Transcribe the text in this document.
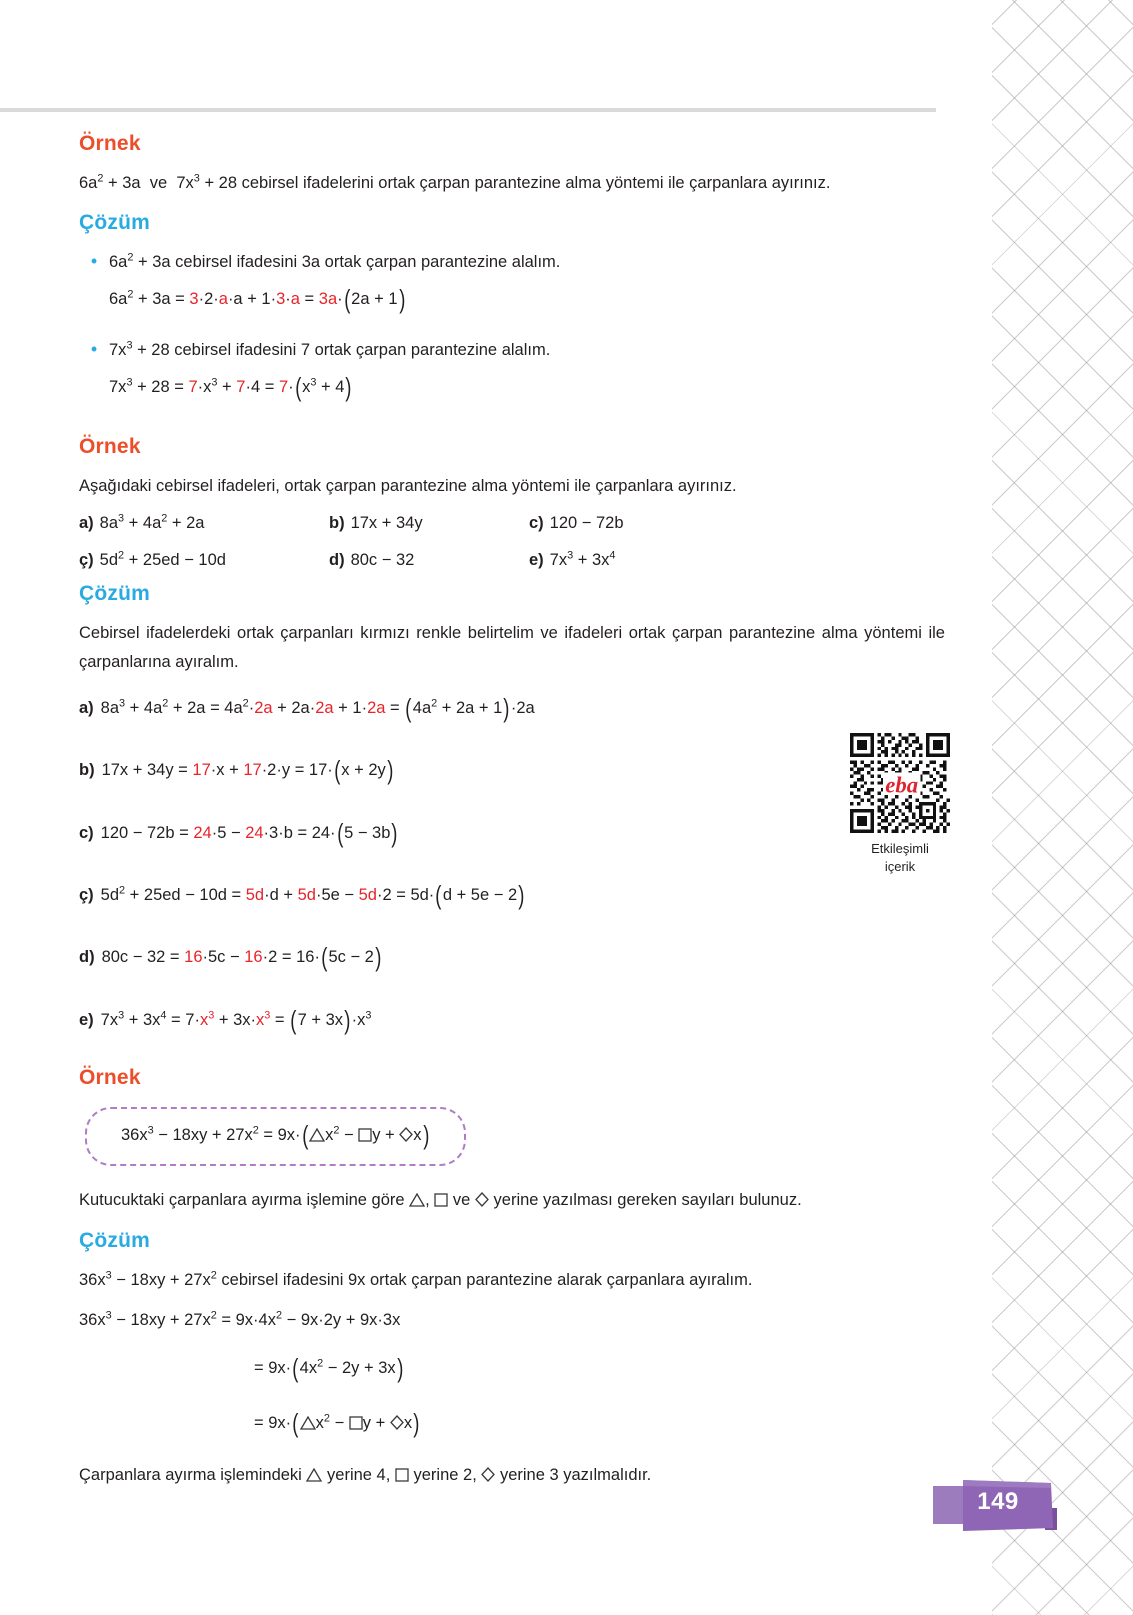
Örnek

$6a^2 + 3a$  ve  $7x^3 + 28$ cebirsel ifadelerini ortak çarpan parantezine alma yöntemi ile çarpanlara ayırınız.

Çözüm
• $6a^2 + 3a$ cebirsel ifadesini 3a ortak çarpan parantezine alalım.
$6a^2 + 3a = 3\cdot 2\cdot a\cdot a + 1\cdot 3\cdot a = 3a\cdot(2a + 1)$
• $7x^3 + 28$ cebirsel ifadesini 7 ortak çarpan parantezine alalım.
$7x^3 + 28 = 7\cdot x^3 + 7\cdot 4 = 7\cdot(x^3 + 4)$
Örnek

Aşağıdaki cebirsel ifadeleri, ortak çarpan parantezine alma yöntemi ile çarpanlara ayırınız.

a) $8a^3 + 4a^2 + 2a$	b) 17x + 34y	c) 120 − 72b
ç) $5d^2 + 25ed - 10d$	d) 80c − 32	e) $7x^3 + 3x^4$
Çözüm

Cebirsel ifadelerdeki ortak çarpanları kırmızı renkle belirtelim ve ifadeleri ortak çarpan parantezine alma yöntemi ile çarpanlarına ayıralım.

a) $8a^3 + 4a^2 + 2a = 4a^2\cdot 2a + 2a\cdot 2a + 1\cdot 2a = (4a^2 + 2a + 1)\cdot 2a$
b) 17x + 34y = 17·x + 17·2·y = 17·(x + 2y)
c) 120 − 72b = 24·5 − 24·3·b = 24·(5 − 3b)
ç) $5d^2 + 25ed - 10d = 5d\cdot d + 5d\cdot 5e - 5d\cdot 2 = 5d\cdot(d + 5e - 2)$
d) 80c − 32 = 16·5c − 16·2 = 16·(5c − 2)
e) $7x^3 + 3x^4 = 7\cdot x^3 + 3x\cdot x^3 = (7 + 3x)\cdot x^3$
Örnek
$36x^3 - 18xy + 27x^2 = 9x\cdot$( $x^2 - y + x$)

Kutucuktaki çarpanlara ayırma işlemine göre ,  ve  yerine yazılması gereken sayıları bulunuz.

Çözüm

$36x^3 - 18xy + 27x^2$ cebirsel ifadesini 9x ortak çarpan parantezine alarak çarpanlara ayıralım.

$36x^3 - 18xy + 27x^2 = 9x\cdot 4x^2 - 9x\cdot 2y + 9x\cdot 3x$
= $9x\cdot(4x^2 - 2y + 3x)$
= 9x·( $x^2 - y + x$)

Çarpanlara ayırma işlemindeki  yerine 4,  yerine 2,  yerine 3 yazılmalıdır.

eba
Etkileşimli
içerik
149
